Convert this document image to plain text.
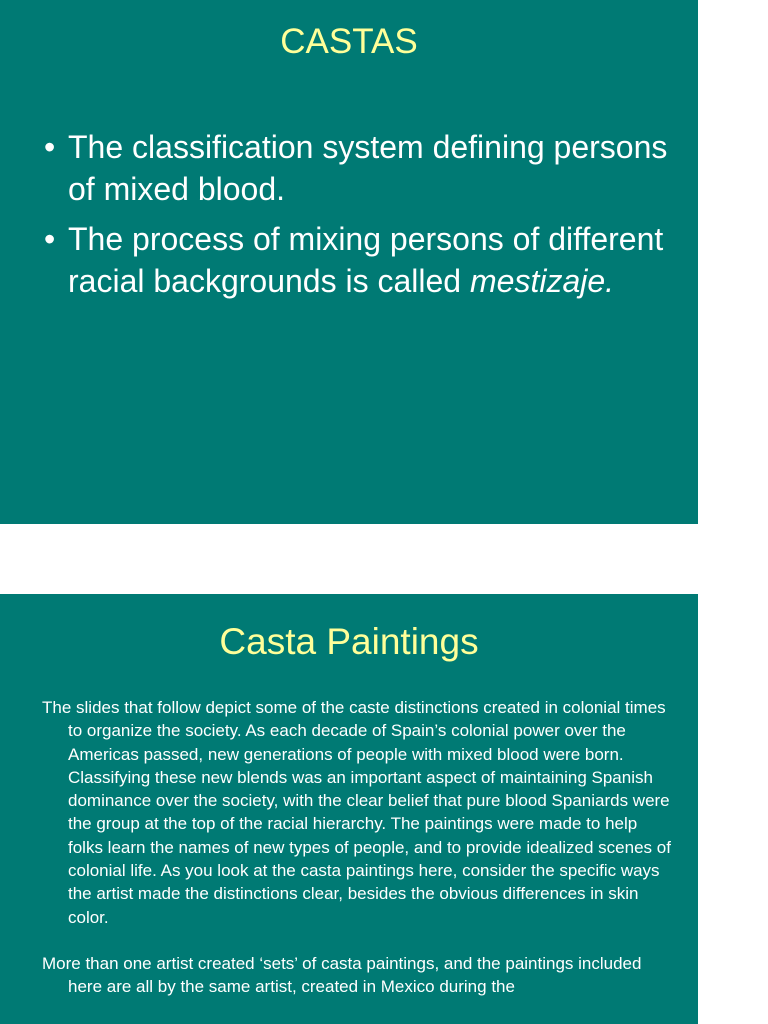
CASTAS
• The classification system defining persons of mixed blood.
• The process of mixing persons of different racial backgrounds is called mestizaje.
Casta Paintings

The slides that follow depict some of the caste distinctions created in colonial times to organize the society. As each decade of Spain’s colonial power over the Americas passed, new generations of people with mixed blood were born. Classifying these new blends was an important aspect of maintaining Spanish dominance over the society, with the clear belief that pure blood Spaniards were the group at the top of the racial hierarchy. The paintings were made to help folks learn the names of new types of people, and to provide idealized scenes of colonial life. As you look at the casta paintings here, consider the specific ways the artist made the distinctions clear, besides the obvious differences in skin color.

More than one artist created ‘sets’ of casta paintings, and the paintings included here are all by the same artist, created in Mexico during the
